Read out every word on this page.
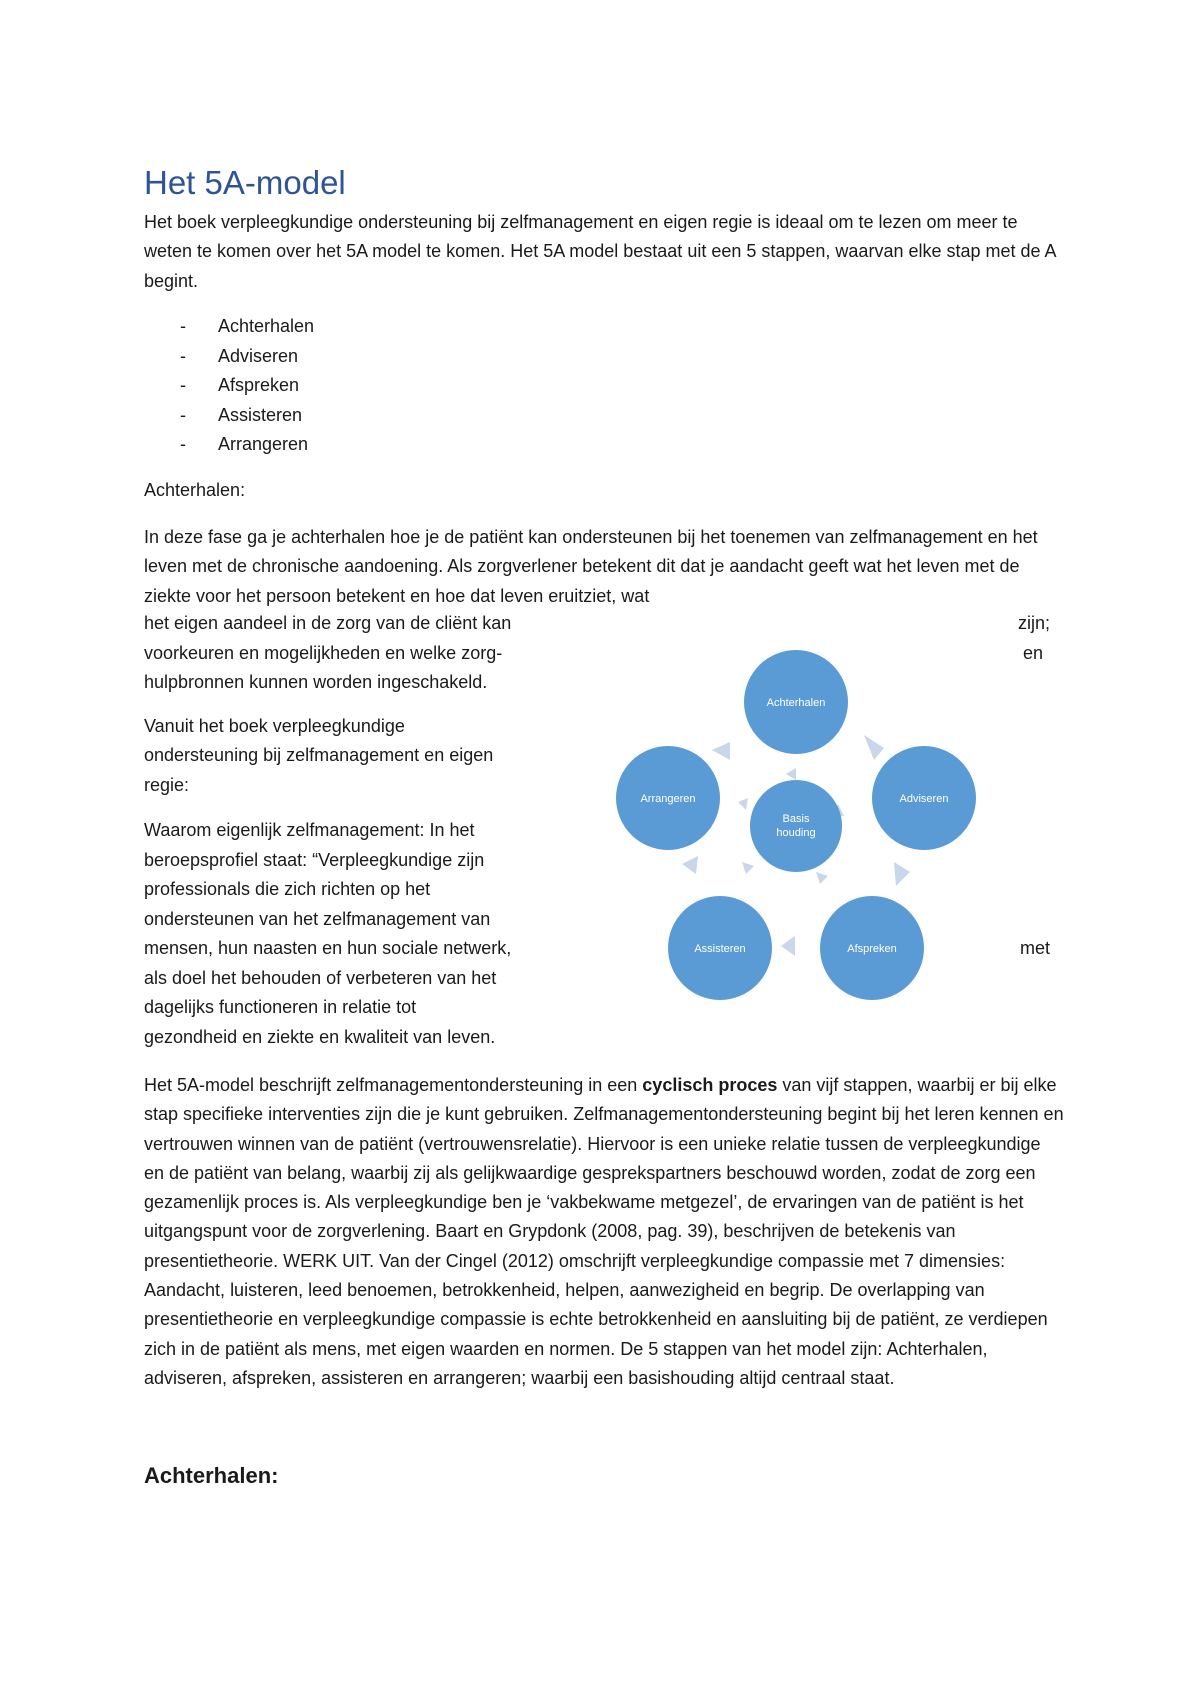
Het 5A-model

Het boek verpleegkundige ondersteuning bij zelfmanagement en eigen regie is ideaal om te lezen om meer te weten te komen over het 5A model te komen. Het 5A model bestaat uit een 5 stappen, waarvan elke stap met de A begint.

- Achterhalen
- Adviseren
- Afspreken
- Assisteren
- Arrangeren
Achterhalen:

In deze fase ga je achterhalen hoe je de patiënt kan ondersteunen bij het toenemen van zelfmanagement en het leven met de chronische aandoening. Als zorgverlener betekent dit dat je aandacht geeft wat het leven met de ziekte voor het persoon betekent en hoe dat leven eruitziet, wat

het eigen aandeel in de zorg van de cliënt kan	zijn;
voorkeuren en mogelijkheden en welke zorg-	en
hulpbronnen kunnen worden ingeschakeld.
Vanuit het boek verpleegkundige
ondersteuning bij zelfmanagement en eigen
regie:
Waarom eigenlijk zelfmanagement: In het
beroepsprofiel staat: “Verpleegkundige zijn
professionals die zich richten op het
ondersteunen van het zelfmanagement van
mensen, hun naasten en hun sociale netwerk,	met
als doel het behouden of verbeteren van het
dagelijks functioneren in relatie tot
gezondheid en ziekte en kwaliteit van leven.

Het 5A-model beschrijft zelfmanagementondersteuning in een cyclisch proces van vijf stappen, waarbij er bij elke stap specifieke interventies zijn die je kunt gebruiken. Zelfmanagementondersteuning begint bij het leren kennen en vertrouwen winnen van de patiënt (vertrouwensrelatie). Hiervoor is een unieke relatie tussen de verpleegkundige en de patiënt van belang, waarbij zij als gelijkwaardige gesprekspartners beschouwd worden, zodat de zorg een gezamenlijk proces is. Als verpleegkundige ben je ‘vakbekwame metgezel’, de ervaringen van de patiënt is het uitgangspunt voor de zorgverlening. Baart en Grypdonk (2008, pag. 39), beschrijven de betekenis van presentietheorie. WERK UIT. Van der Cingel (2012) omschrijft verpleegkundige compassie met 7 dimensies: Aandacht, luisteren, leed benoemen, betrokkenheid, helpen, aanwezigheid en begrip. De overlapping van presentietheorie en verpleegkundige compassie is echte betrokkenheid en aansluiting bij de patiënt, ze verdiepen zich in de patiënt als mens, met eigen waarden en normen. De 5 stappen van het model zijn: Achterhalen, adviseren, afspreken, assisteren en arrangeren; waarbij een basishouding altijd centraal staat.

Achterhalen:
Achterhalen
Adviseren
Afspreken
Assisteren
Arrangeren
Basis
houding
